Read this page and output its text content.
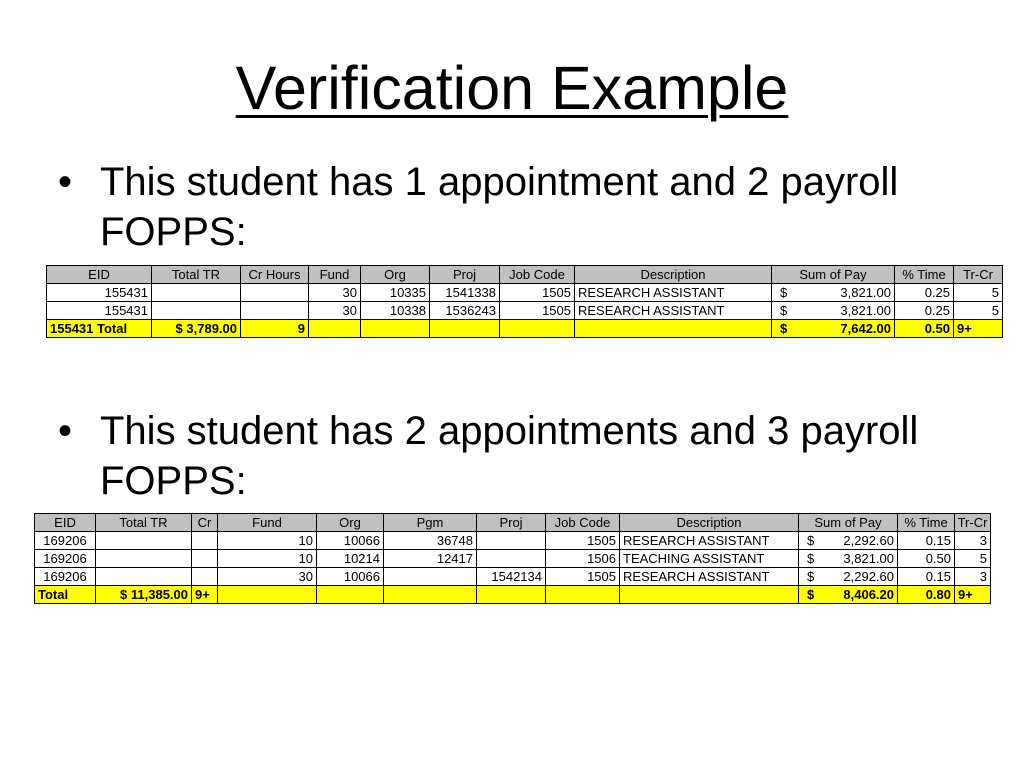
Verification Example
• This student has 1 appointment and 2 payroll FOPPS:
EID	Total TR	Cr Hours	Fund	Org	Proj	Job Code	Description	Sum of Pay	% Time	Tr-Cr
155431			30	10335	1541338	1505	RESEARCH ASSISTANT	$ 3,821.00	0.25	5
155431			30	10338	1536243	1505	RESEARCH ASSISTANT	$ 3,821.00	0.25	5
155431 Total	$ 3,789.00	9						$ 7,642.00	0.50	9+
• This student has 2 appointments and 3 payroll FOPPS:
EID	Total TR	Cr	Fund	Org	Pgm	Proj	Job Code	Description	Sum of Pay	% Time	Tr-Cr
169206			10	10066	36748		1505	RESEARCH ASSISTANT	$ 2,292.60	0.15	3
169206			10	10214	12417		1506	TEACHING ASSISTANT	$ 3,821.00	0.50	5
169206			30	10066		1542134	1505	RESEARCH ASSISTANT	$ 2,292.60	0.15	3
Total	$ 11,385.00	9+							$ 8,406.20	0.80	9+
